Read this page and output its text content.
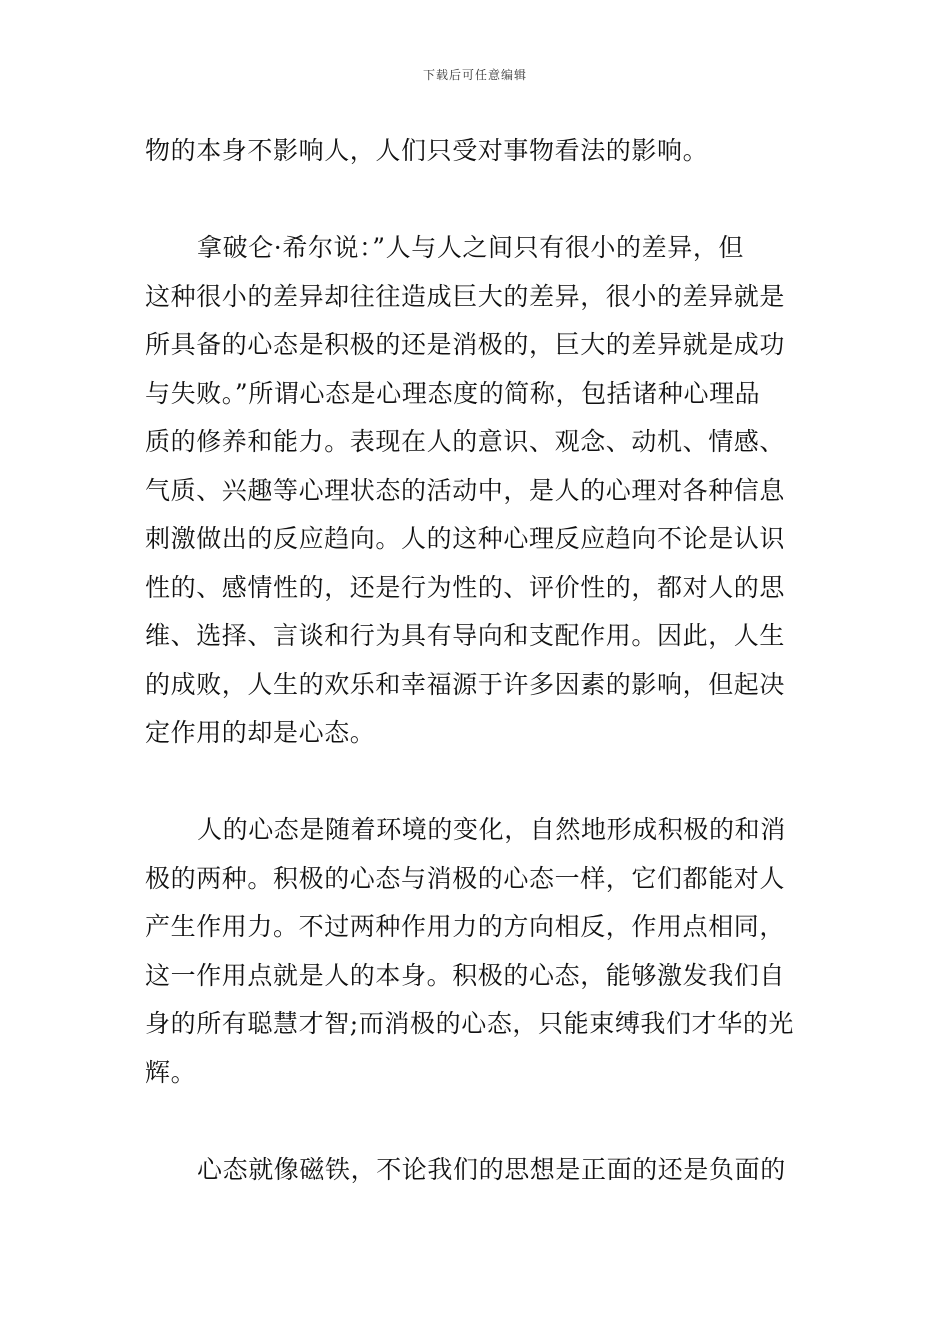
下载后可任意编辑
物的本身不影响人，人们只受对事物看法的影响。
拿破仑·希尔说：”人与人之间只有很小的差异，但
这种很小的差异却往往造成巨大的差异，很小的差异就是
所具备的心态是积极的还是消极的，巨大的差异就是成功
与失败。”所谓心态是心理态度的简称，包括诸种心理品
质的修养和能力。表现在人的意识、观念、动机、情感、
气质、兴趣等心理状态的活动中，是人的心理对各种信息
刺激做出的反应趋向。人的这种心理反应趋向不论是认识
性的、感情性的，还是行为性的、评价性的，都对人的思
维、选择、言谈和行为具有导向和支配作用。因此，人生
的成败，人生的欢乐和幸福源于许多因素的影响，但起决
定作用的却是心态。
人的心态是随着环境的变化，自然地形成积极的和消
极的两种。积极的心态与消极的心态一样，它们都能对人
产生作用力。不过两种作用力的方向相反，作用点相同，
这一作用点就是人的本身。积极的心态，能够激发我们自
身的所有聪慧才智;而消极的心态，只能束缚我们才华的光
辉。
心态就像磁铁，不论我们的思想是正面的还是负面的
